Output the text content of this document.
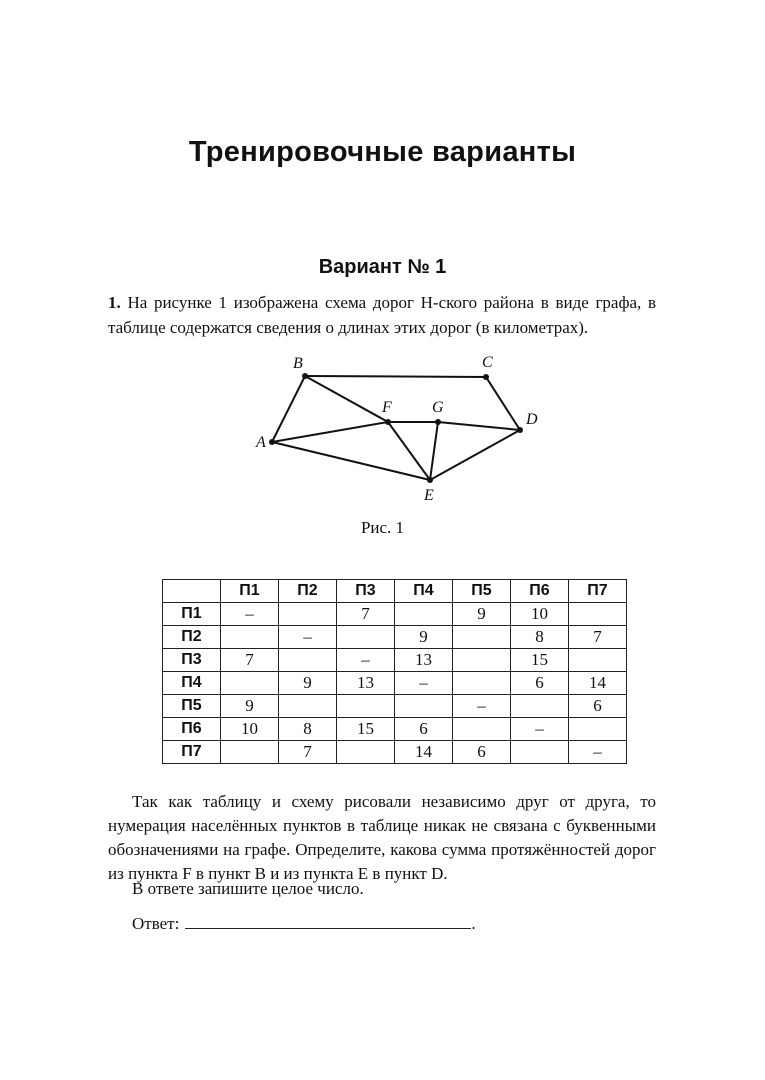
Тренировочные варианты
Вариант № 1
1. На рисунке 1 изображена схема дорог Н-ского района в виде графа, в таблице содержатся сведения о длинах этих дорог (в километрах).
A
B	C
D
E
F	G
Рис. 1
	П1	П2	П3	П4	П5	П6	П7
П1	–		7		9	10	
П2		–		9		8	7
П3	7		–	13		15	
П4		9	13	–		6	14
П5	9				–		6
П6	10	8	15	6		–	
П7		7		14	6		–
Так как таблицу и схему рисовали независимо друг от друга, то нумерация населённых пунктов в таблице никак не связана с буквенными обозначениями на графе. Определите, какова сумма протяжённостей дорог из пункта F в пункт B и из пункта E в пункт D.
В ответе запишите целое число.
Ответ:	.
